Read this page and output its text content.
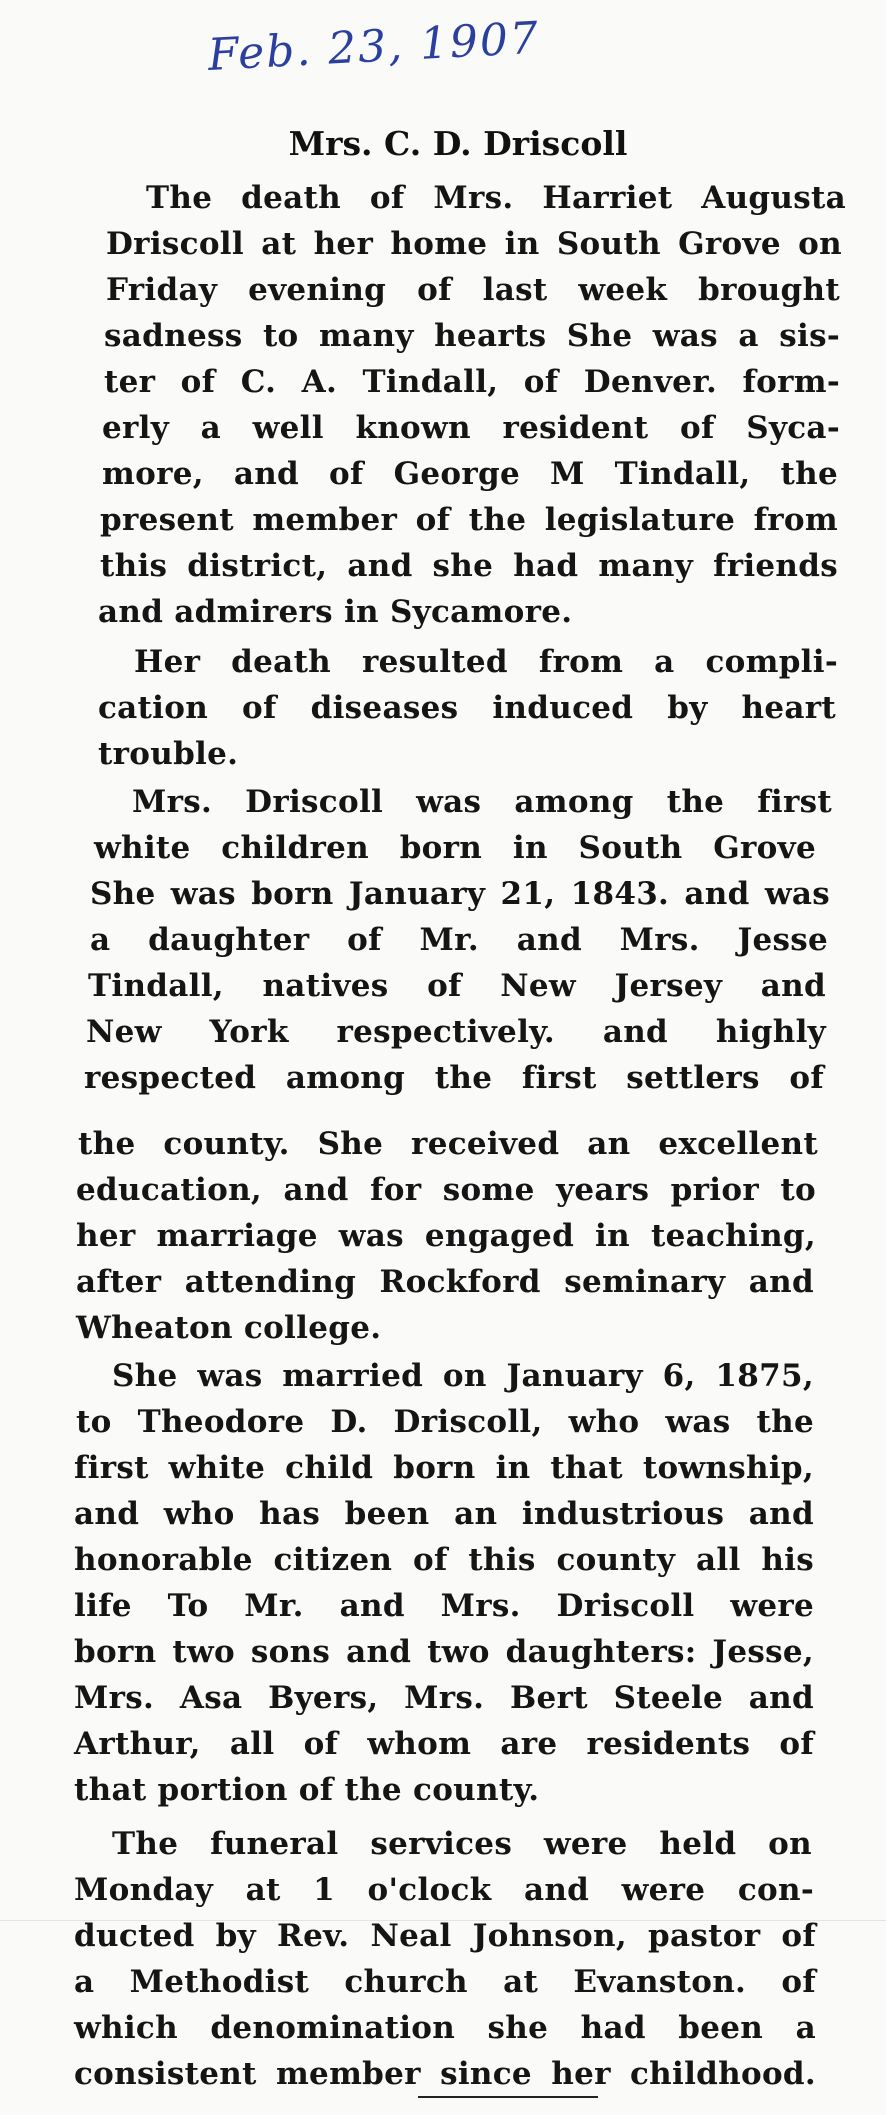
Feb. 23, 1907
Mrs. C. D. Driscoll
The death of Mrs. Harriet Augusta
Driscoll at her home in South Grove on
Friday evening of last week brought
sadness to many hearts She was a sis-
ter of C. A. Tindall, of Denver. form-
erly a well known resident of Syca-
more, and of George M Tindall, the
present member of the legislature from
this district, and she had many friends
and admirers in Sycamore.
Her death resulted from a compli-
cation of diseases induced by heart
trouble.
Mrs. Driscoll was among the first
white children born in South Grove
She was born January 21, 1843. and was
a daughter of Mr. and Mrs. Jesse
Tindall, natives of New Jersey and
New York respectively. and highly
respected among the first settlers of
the county. She received an excellent
education, and for some years prior to
her marriage was engaged in teaching,
after attending Rockford seminary and
Wheaton college.
She was married on January 6, 1875,
to Theodore D. Driscoll, who was the
first white child born in that township,
and who has been an industrious and
honorable citizen of this county all his
life To Mr. and Mrs. Driscoll were
born two sons and two daughters: Jesse,
Mrs. Asa Byers, Mrs. Bert Steele and
Arthur, all of whom are residents of
that portion of the county.
The funeral services were held on
Monday at 1 o'clock and were con-
ducted by Rev. Neal Johnson, pastor of
a Methodist church at Evanston. of
which denomination she had been a
consistent member since her childhood.
